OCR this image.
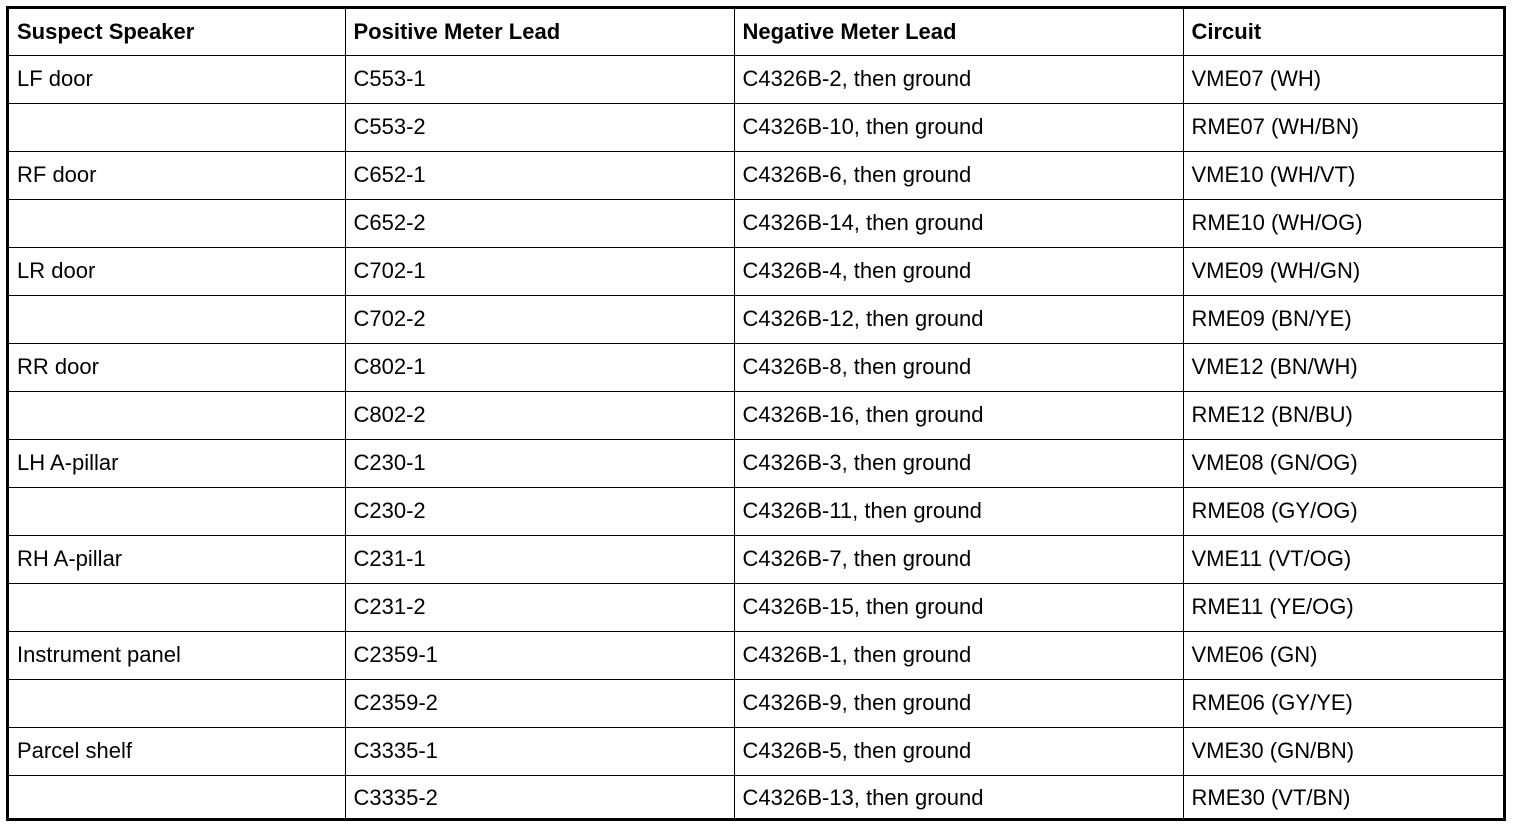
Suspect Speaker	Positive Meter Lead	Negative Meter Lead	Circuit
LF door	C553-1	C4326B-2, then ground	VME07 (WH)
	C553-2	C4326B-10, then ground	RME07 (WH/BN)
RF door	C652-1	C4326B-6, then ground	VME10 (WH/VT)
	C652-2	C4326B-14, then ground	RME10 (WH/OG)
LR door	C702-1	C4326B-4, then ground	VME09 (WH/GN)
	C702-2	C4326B-12, then ground	RME09 (BN/YE)
RR door	C802-1	C4326B-8, then ground	VME12 (BN/WH)
	C802-2	C4326B-16, then ground	RME12 (BN/BU)
LH A-pillar	C230-1	C4326B-3, then ground	VME08 (GN/OG)
	C230-2	C4326B-11, then ground	RME08 (GY/OG)
RH A-pillar	C231-1	C4326B-7, then ground	VME11 (VT/OG)
	C231-2	C4326B-15, then ground	RME11 (YE/OG)
Instrument panel	C2359-1	C4326B-1, then ground	VME06 (GN)
	C2359-2	C4326B-9, then ground	RME06 (GY/YE)
Parcel shelf	C3335-1	C4326B-5, then ground	VME30 (GN/BN)
	C3335-2	C4326B-13, then ground	RME30 (VT/BN)
